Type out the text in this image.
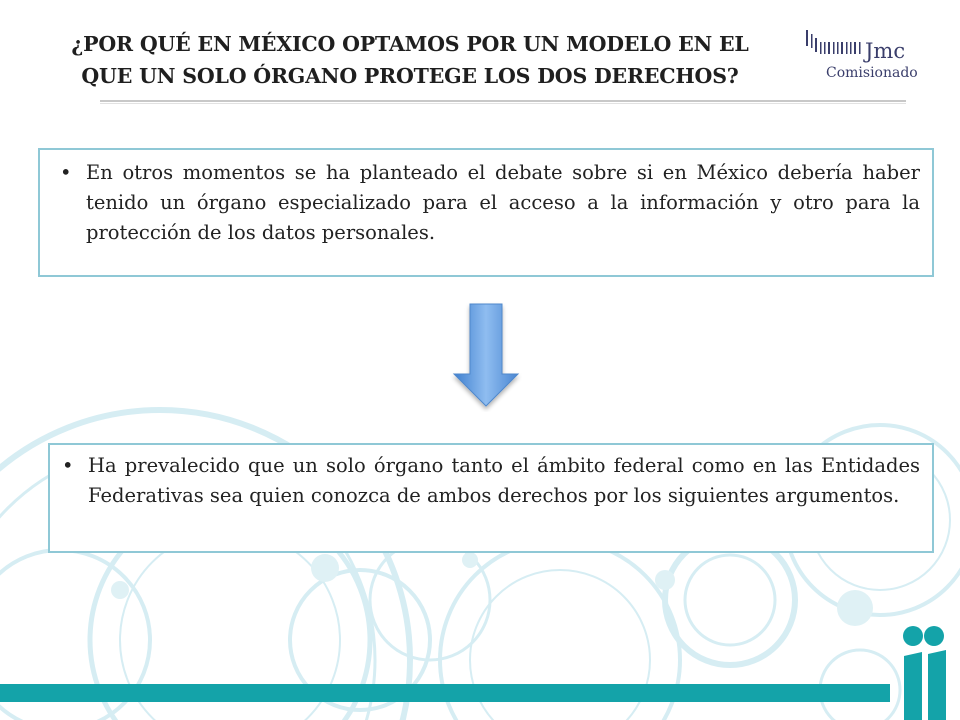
¿POR QUÉ EN MÉXICO OPTAMOS POR UN MODELO EN EL
QUE UN SOLO ÓRGANO PROTEGE LOS DOS DERECHOS?
Jmc
Comisionado

• En otros momentos se ha planteado el debate sobre si en México debería haber tenido un órgano especializado para el acceso a la información y otro para la protección de los datos personales.

• Ha prevalecido que un solo órgano tanto el ámbito federal como en las Entidades Federativas sea quien conozca de ambos derechos por los siguientes argumentos.
